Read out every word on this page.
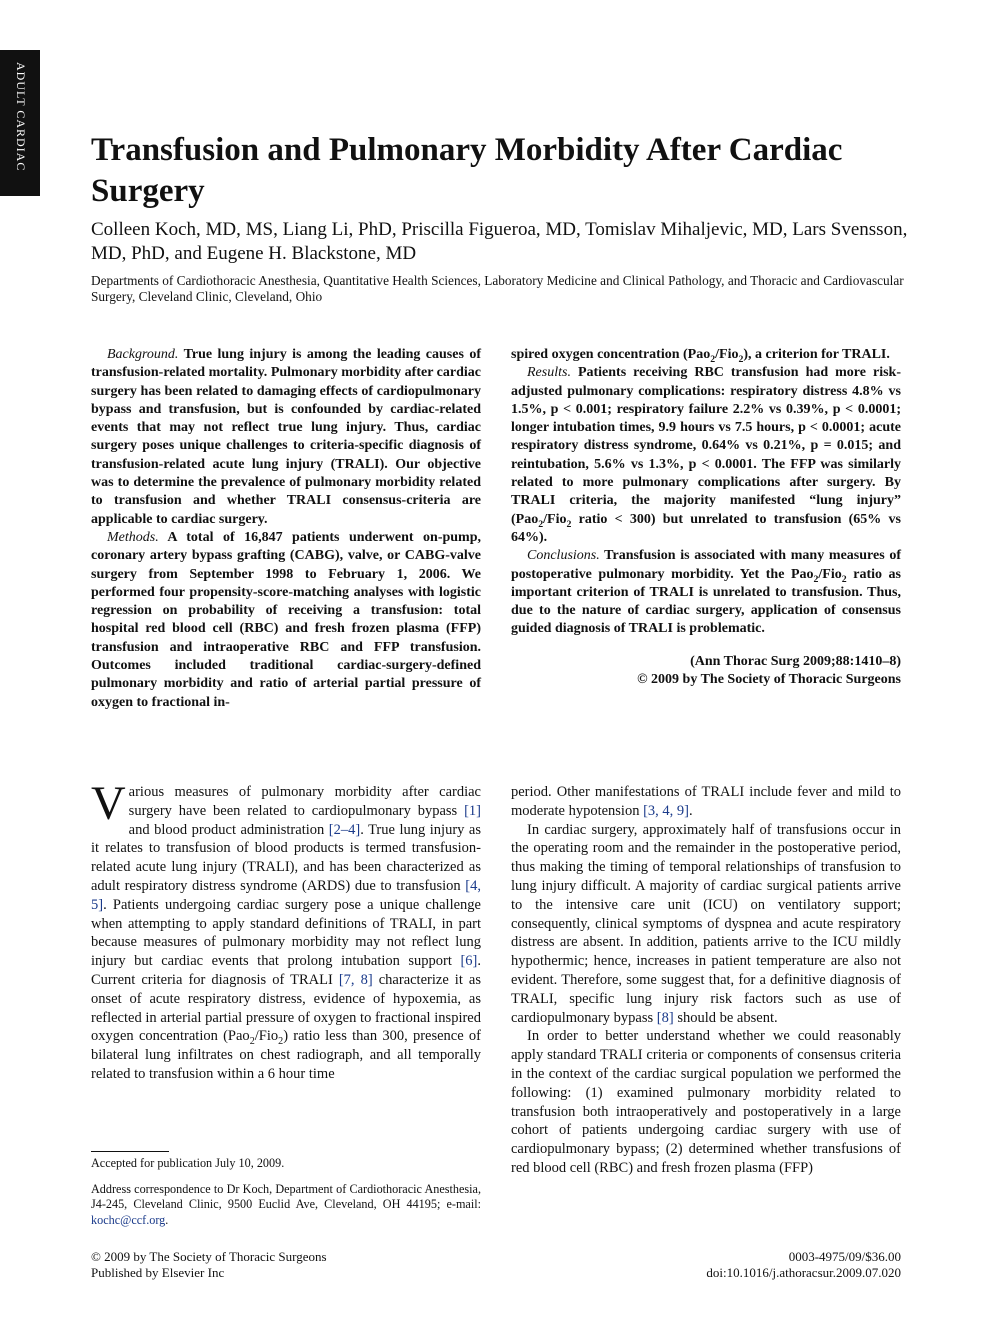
ADULT CARDIAC Transfusion and Pulmonary Morbidity After Cardiac Surgery
Colleen Koch, MD, MS, Liang Li, PhD, Priscilla Figueroa, MD, Tomislav Mihaljevic, MD, Lars Svensson, MD, PhD, and Eugene H. Blackstone, MD
Departments of Cardiothoracic Anesthesia, Quantitative Health Sciences, Laboratory Medicine and Clinical Pathology, and Thoracic and Cardiovascular Surgery, Cleveland Clinic, Cleveland, Ohio

Background. True lung injury is among the leading causes of transfusion-related mortality. Pulmonary morbidity after cardiac surgery has been related to damaging effects of cardiopulmonary bypass and transfusion, but is confounded by cardiac-related events that may not reflect true lung injury. Thus, cardiac surgery poses unique challenges to criteria-specific diagnosis of transfusion-related acute lung injury (TRALI). Our objective was to determine the prevalence of pulmonary morbidity related to transfusion and whether TRALI consensus-criteria are applicable to cardiac surgery.

Methods. A total of 16,847 patients underwent on-pump, coronary artery bypass grafting (CABG), valve, or CABG-valve surgery from September 1998 to February 1, 2006. We performed four propensity-score-matching analyses with logistic regression on probability of receiving a transfusion: total hospital red blood cell (RBC) and fresh frozen plasma (FFP) transfusion and intraoperative RBC and FFP transfusion. Outcomes included traditional cardiac-surgery-defined pulmonary morbidity and ratio of arterial partial pressure of oxygen to fractional in-

spired oxygen concentration (Pao$_2$/Fio$_2$), a criterion for TRALI.

Results. Patients receiving RBC transfusion had more risk-adjusted pulmonary complications: respiratory distress 4.8% vs 1.5%, p < 0.001; respiratory failure 2.2% vs 0.39%, p < 0.0001; longer intubation times, 9.9 hours vs 7.5 hours, p < 0.0001; acute respiratory distress syndrome, 0.64% vs 0.21%, p = 0.015; and reintubation, 5.6% vs 1.3%, p < 0.0001. The FFP was similarly related to more pulmonary complications after surgery. By TRALI criteria, the majority manifested “lung injury” (Pao$_2$/Fio$_2$ ratio < 300) but unrelated to transfusion (65% vs 64%).

Conclusions. Transfusion is associated with many measures of postoperative pulmonary morbidity. Yet the Pao$_2$/Fio$_2$ ratio as important criterion of TRALI is unrelated to transfusion. Thus, due to the nature of cardiac surgery, application of consensus guided diagnosis of TRALI is problematic.

(Ann Thorac Surg 2009;88:1410–8)
© 2009 by The Society of Thoracic Surgeons

Various measures of pulmonary morbidity after cardiac surgery have been related to cardiopulmonary bypass [1] and blood product administration [2–4]. True lung injury as it relates to transfusion of blood products is termed transfusion-related acute lung injury (TRALI), and has been characterized as adult respiratory distress syndrome (ARDS) due to transfusion [4, 5]. Patients undergoing cardiac surgery pose a unique challenge when attempting to apply standard definitions of TRALI, in part because measures of pulmonary morbidity may not reflect lung injury but cardiac events that prolong intubation support [6]. Current criteria for diagnosis of TRALI [7, 8] characterize it as onset of acute respiratory distress, evidence of hypoxemia, as reflected in arterial partial pressure of oxygen to fractional inspired oxygen concentration (Pao$_2$/Fio$_2$) ratio less than 300, presence of bilateral lung infiltrates on chest radiograph, and all temporally related to transfusion within a 6 hour time

period. Other manifestations of TRALI include fever and mild to moderate hypotension [3, 4, 9].

In cardiac surgery, approximately half of transfusions occur in the operating room and the remainder in the postoperative period, thus making the timing of temporal relationships of transfusion to lung injury difficult. A majority of cardiac surgical patients arrive to the intensive care unit (ICU) on ventilatory support; consequently, clinical symptoms of dyspnea and acute respiratory distress are absent. In addition, patients arrive to the ICU mildly hypothermic; hence, increases in patient temperature are also not evident. Therefore, some suggest that, for a definitive diagnosis of TRALI, specific lung injury risk factors such as use of cardiopulmonary bypass [8] should be absent.

In order to better understand whether we could reasonably apply standard TRALI criteria or components of consensus criteria in the context of the cardiac surgical population we performed the following: (1) examined pulmonary morbidity related to transfusion both intraoperatively and postoperatively in a large cohort of patients undergoing cardiac surgery with use of cardiopulmonary bypass; (2) determined whether transfusions of red blood cell (RBC) and fresh frozen plasma (FFP)

Accepted for publication July 10, 2009.

Address correspondence to Dr Koch, Department of Cardiothoracic Anesthesia, J4-245, Cleveland Clinic, 9500 Euclid Ave, Cleveland, OH 44195; e-mail: kochc@ccf.org.

© 2009 by The Society of Thoracic Surgeons
Published by Elsevier Inc
0003-4975/09/$36.00
doi:10.1016/j.athoracsur.2009.07.020
